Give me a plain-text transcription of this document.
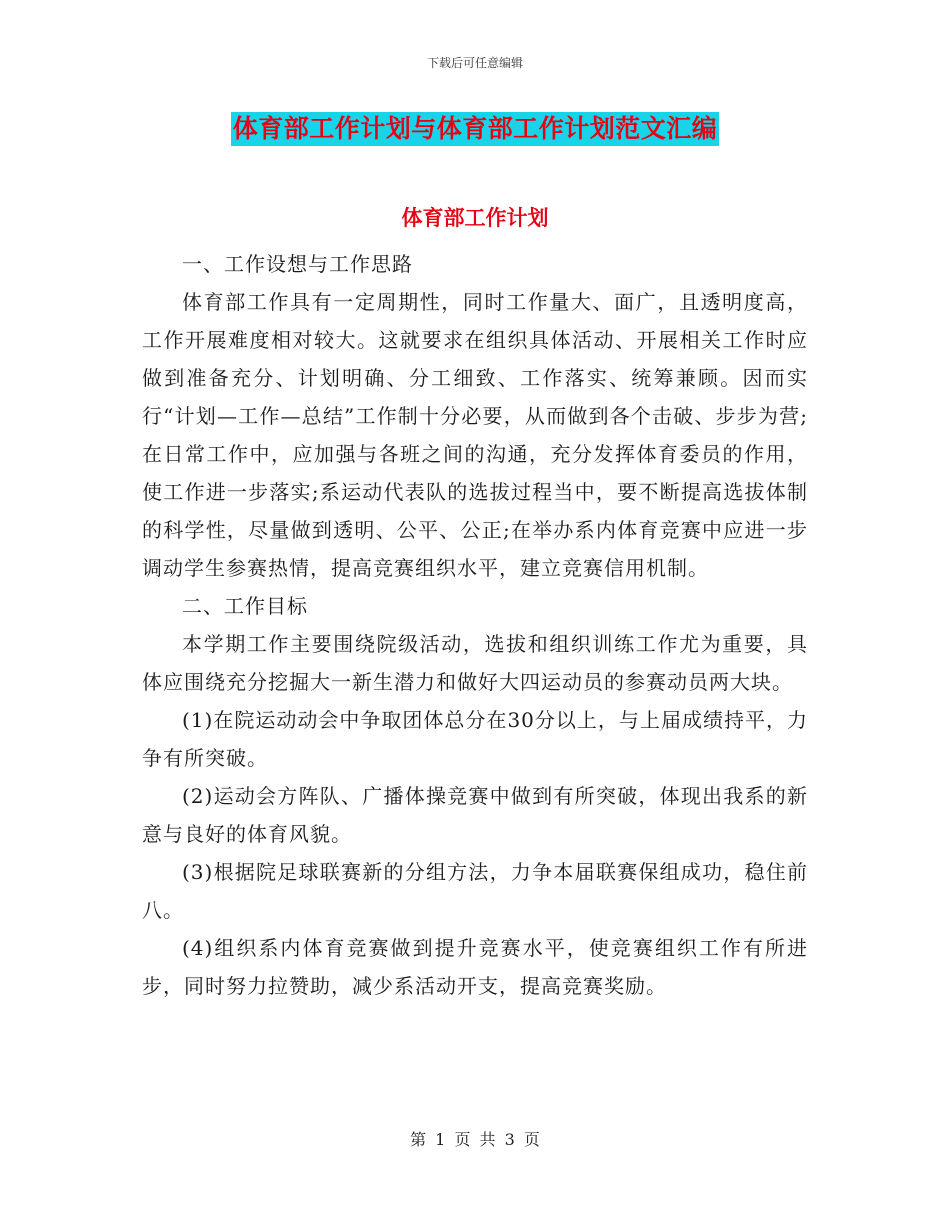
下载后可任意编辑
体育部工作计划与体育部工作计划范文汇编
体育部工作计划

一、工作设想与工作思路

体育部工作具有一定周期性，同时工作量大、面广，且透明度高，工作开展难度相对较大。这就要求在组织具体活动、开展相关工作时应做到准备充分、计划明确、分工细致、工作落实、统筹兼顾。因而实行“计划—工作—总结”工作制十分必要，从而做到各个击破、步步为营;在日常工作中，应加强与各班之间的沟通，充分发挥体育委员的作用，使工作进一步落实;系运动代表队的选拔过程当中，要不断提高选拔体制的科学性，尽量做到透明、公平、公正;在举办系内体育竞赛中应进一步调动学生参赛热情，提高竞赛组织水平，建立竞赛信用机制。

二、工作目标

本学期工作主要围绕院级活动，选拔和组织训练工作尤为重要，具体应围绕充分挖掘大一新生潜力和做好大四运动员的参赛动员两大块。

(1)在院运动动会中争取团体总分在30分以上，与上届成绩持平，力争有所突破。

(2)运动会方阵队、广播体操竞赛中做到有所突破，体现出我系的新意与良好的体育风貌。

(3)根据院足球联赛新的分组方法，力争本届联赛保组成功，稳住前八。

(4)组织系内体育竞赛做到提升竞赛水平，使竞赛组织工作有所进步，同时努力拉赞助，减少系活动开支，提高竞赛奖励。

第 1 页 共 3 页
